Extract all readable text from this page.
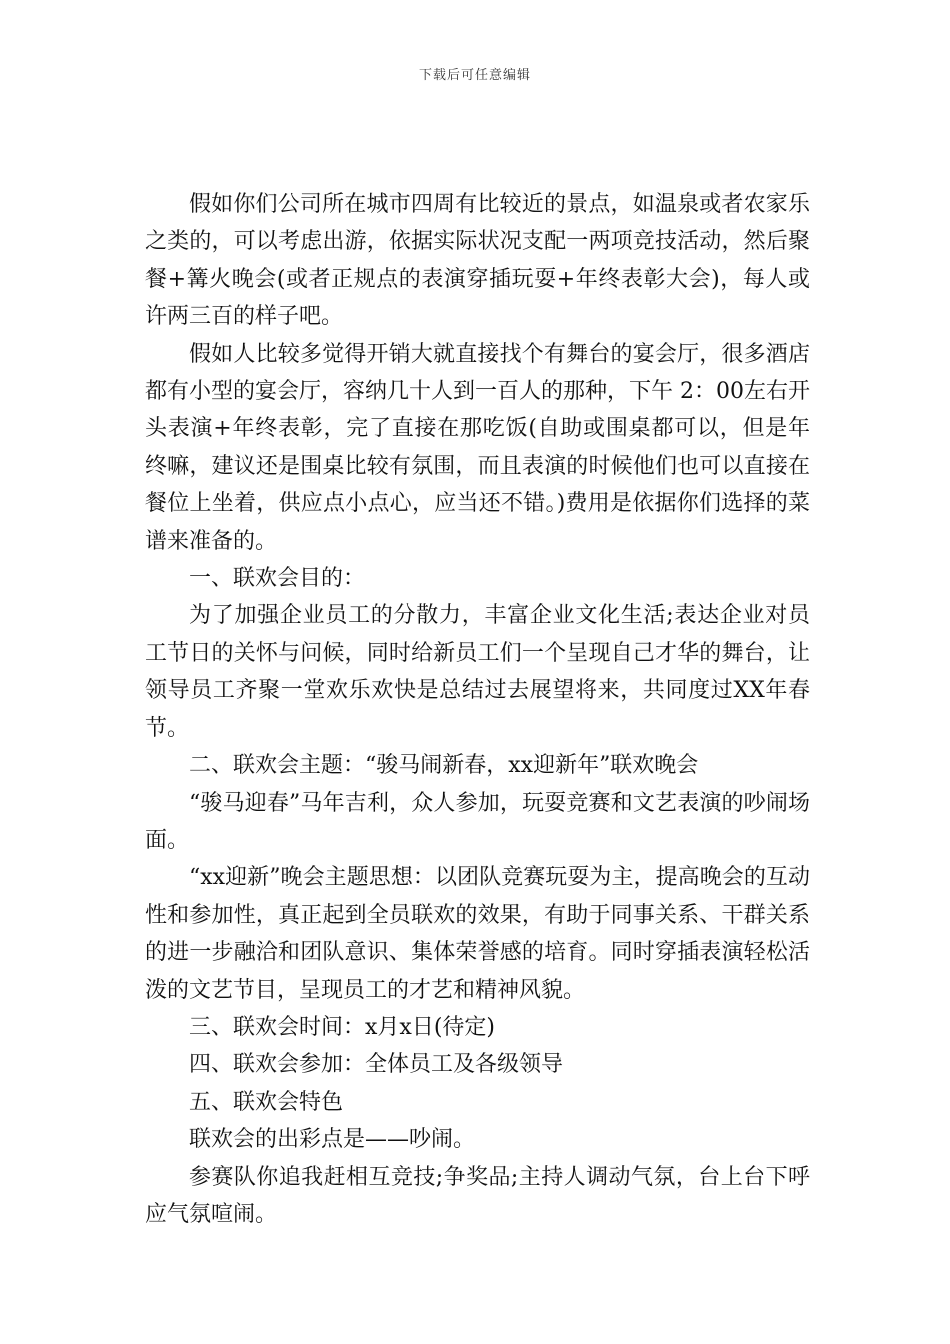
下载后可任意编辑

假如你们公司所在城市四周有比较近的景点，如温泉或者农家乐之类的，可以考虑出游，依据实际状况支配一两项竞技活动，然后聚餐+篝火晚会(或者正规点的表演穿插玩耍+年终表彰大会)，每人或许两三百的样子吧。

假如人比较多觉得开销大就直接找个有舞台的宴会厅，很多酒店都有小型的宴会厅，容纳几十人到一百人的那种，下午 2：00左右开头表演+年终表彰，完了直接在那吃饭(自助或围桌都可以，但是年终嘛，建议还是围桌比较有氛围，而且表演的时候他们也可以直接在餐位上坐着，供应点小点心，应当还不错。)费用是依据你们选择的菜谱来准备的。

一、联欢会目的：

为了加强企业员工的分散力，丰富企业文化生活;表达企业对员工节日的关怀与问候，同时给新员工们一个呈现自己才华的舞台，让领导员工齐聚一堂欢乐欢快是总结过去展望将来，共同度过XX年春节。

二、联欢会主题：“骏马闹新春，xx迎新年”联欢晚会

“骏马迎春”马年吉利，众人参加，玩耍竞赛和文艺表演的吵闹场面。

“xx迎新”晚会主题思想：以团队竞赛玩耍为主，提高晚会的互动性和参加性，真正起到全员联欢的效果，有助于同事关系、干群关系的进一步融洽和团队意识、集体荣誉感的培育。同时穿插表演轻松活泼的文艺节目，呈现员工的才艺和精神风貌。

三、联欢会时间：x月x日(待定)

四、联欢会参加：全体员工及各级领导

五、联欢会特色

联欢会的出彩点是——吵闹。

参赛队你追我赶相互竞技;争奖品;主持人调动气氛，台上台下呼应气氛喧闹。
